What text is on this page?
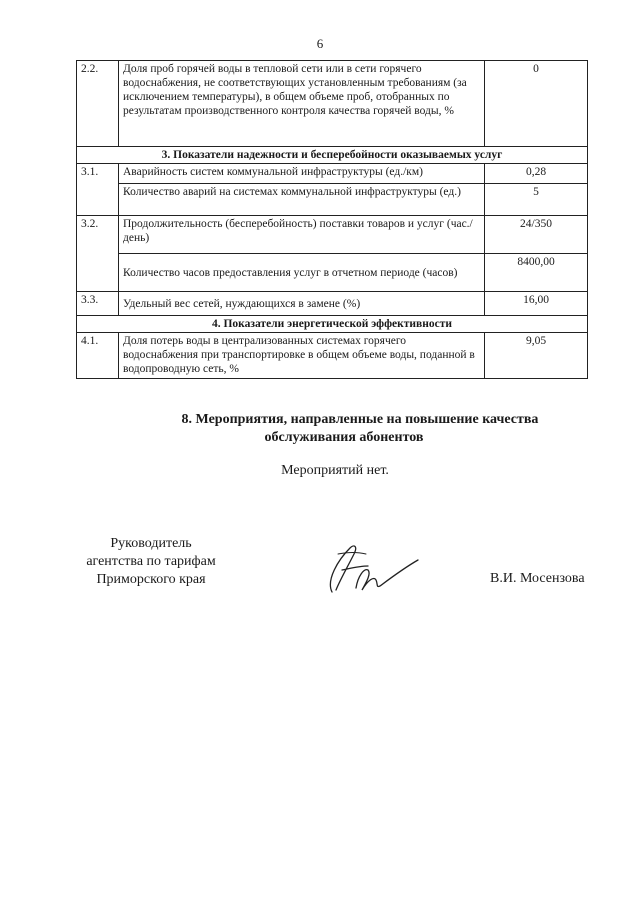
6
2.2.	Доля проб горячей воды в тепловой сети или в сети горячего водоснабжения, не соответствующих установленным требованиям (за исключением температуры), в общем объеме проб, отобранных по результатам производственного контроля качества горячей воды, %	0
3. Показатели надежности и бесперебойности оказываемых услуг		
3.1.	Аварийность систем коммунальной инфраструктуры (ед./км)	0,28
	Количество аварий на системах коммунальной инфраструктуры (ед.)	5
3.2.	Продолжительность (бесперебойность) поставки товаров и услуг (час./день)	24/350
	Количество часов предоставления услуг в отчетном периоде (часов)	8400,00
3.3.	Удельный вес сетей, нуждающихся в замене (%)	16,00
4. Показатели энергетической эффективности		
4.1.	Доля потерь воды в централизованных системах горячего водоснабжения при транспортировке в общем объеме воды, поданной в водопроводную сеть, %	9,05
8. Мероприятия, направленные на повышение качества
обслуживания абонентов
Мероприятий нет.
Руководитель
агентства по тарифам
Приморского края	В.И. Мосензова
